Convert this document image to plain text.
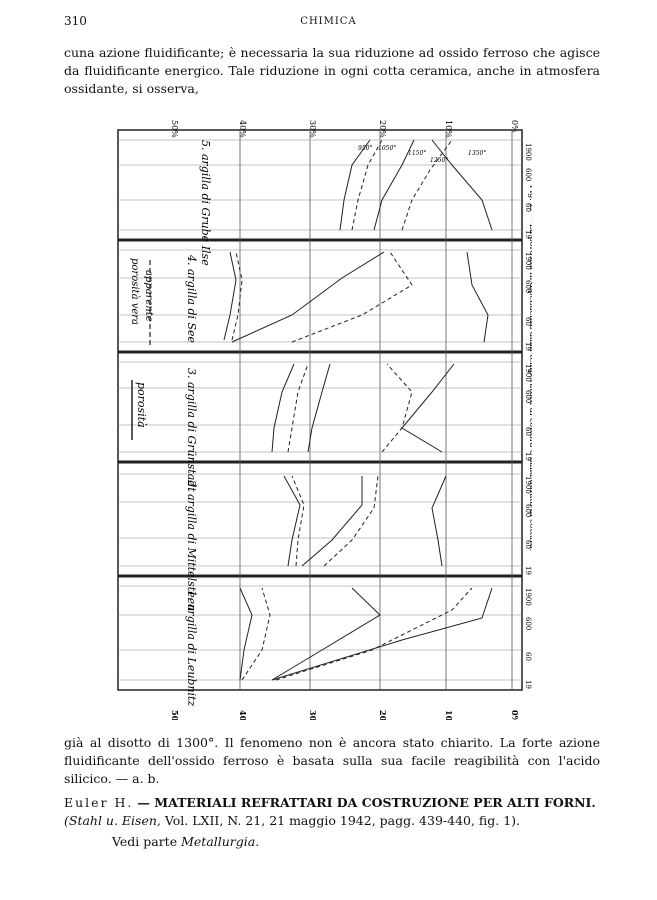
310	CHIMICA

cuna azione fluidificante; è necessaria la sua riduzione ad ossido ferroso che agisce da fluidificante energico. Tale riduzione in ogni cotta ceramica, anche in atmosfera ossidante, si osserva,

50%	40%	30%	20%	10%	0%
1900
600
60
19
1900
600
60
19
1900
600
60
19
1900
600
60
19
1900
600
60
19
5. argilla di Grube Ilse
4. argilla di See
3. argilla di Grünstadt
2. argilla di Mittelsteen
1. argilla di Leubnitz
porosità
porosità vera apparente
950° 1050°
1150°
1250°
1350°
50%	40%	30%	20%	10%	0%
Fig. 2. La porosità in dipendenza dalla temperatura di cottura dalla durata di cottura.

già al disotto di 1300°. Il fenomeno non è ancora stato chiarito. La forte azione fluidificante dell'ossido ferroso è basata sulla sua facile reagibilità con l'acido silicico. — a. b.

Euler H. — MATERIALI REFRATTARI DA COSTRUZIONE PER ALTI FORNI. (Stahl u. Eisen, Vol. LXII, N. 21, 21 maggio 1942, pagg. 439-440, fig. 1).
Vedi parte Metallurgia.
